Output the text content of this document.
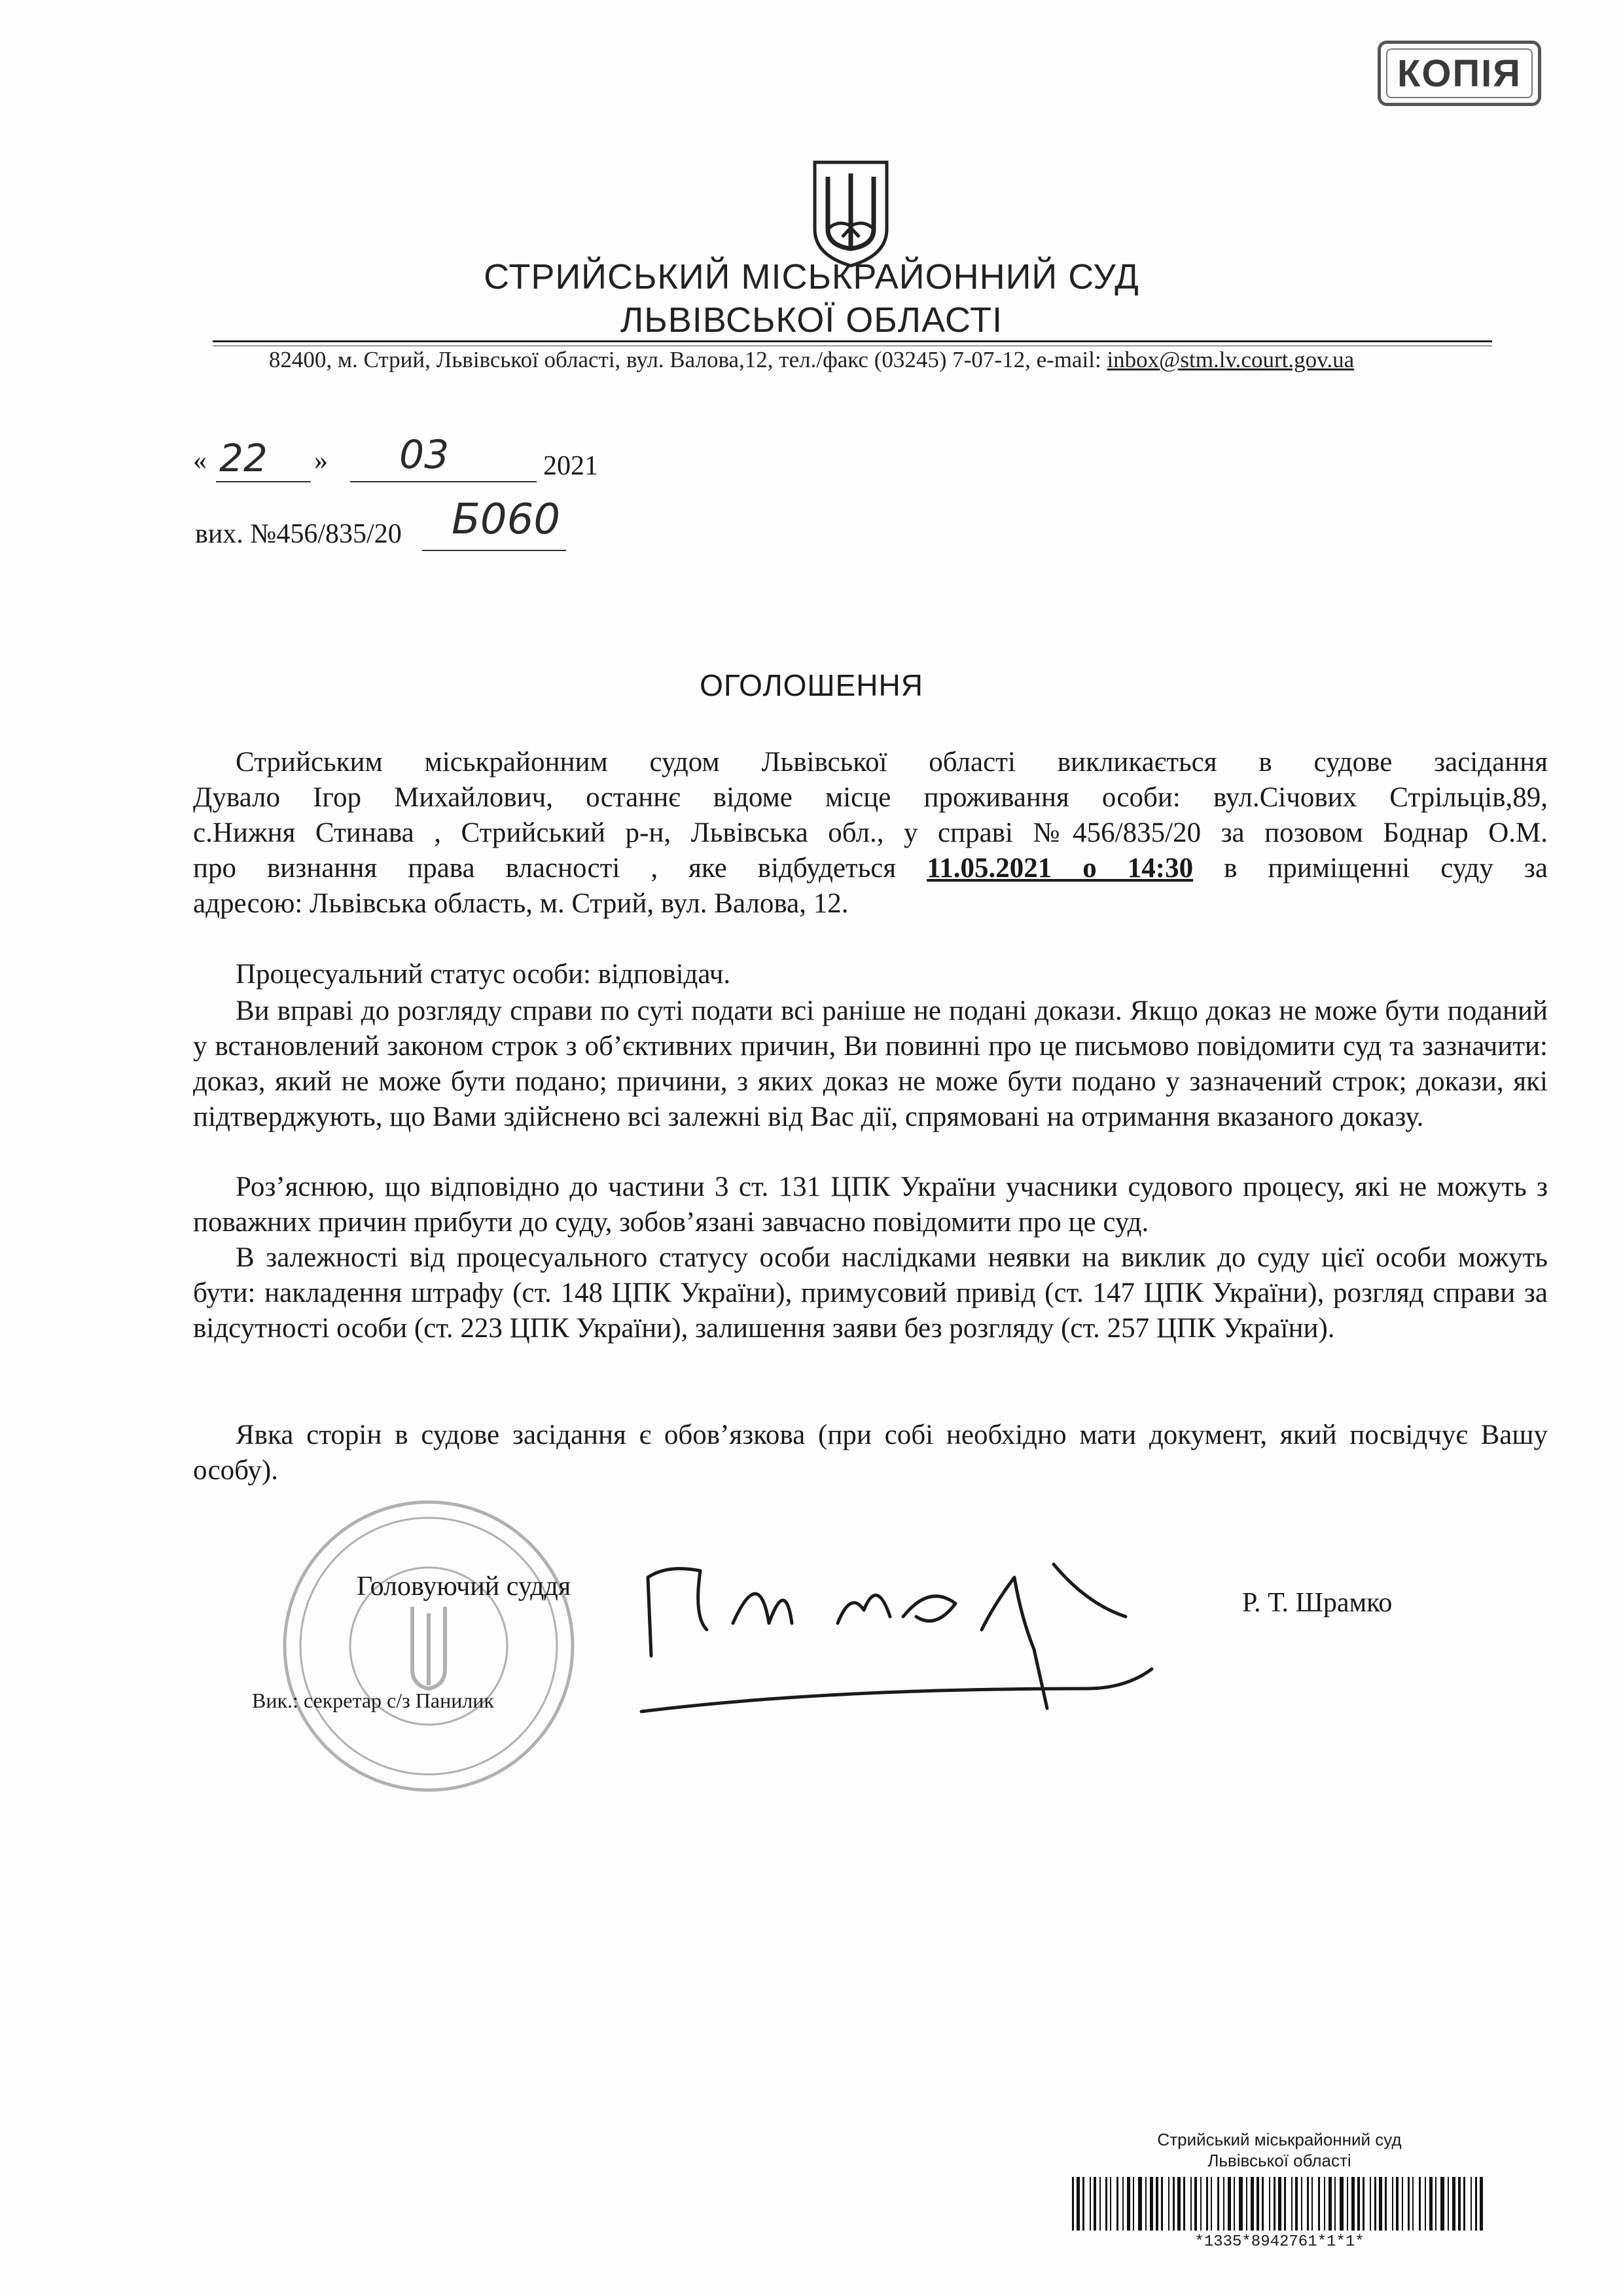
КОПІЯ
СТРИЙСЬКИЙ МІСЬКРАЙОННИЙ СУД
ЛЬВІВСЬКОЇ ОБЛАСТІ
82400, м. Стрий, Львівської області, вул. Валова,12, тел./факс (03245) 7-07-12, e-mail: inbox@stm.lv.court.gov.ua
« 22 » 03	2021
вих. №456/835/20 Б060
ОГОЛОШЕННЯ
Стрийським міськрайонним судом Львівської області викликається в судове засідання
Дувало Ігор Михайлович, останнє відоме місце проживання особи: вул.Січових Стрільців,89,
с.Нижня Стинава , Стрийський р-н, Львівська обл., у справі №456/835/20 за позовом Боднар О.М.
про визнання права власності , яке відбудеться 11.05.2021 о 14:30 в приміщенні суду за
адресою: Львівська область, м. Стрий, вул. Валова, 12.
Процесуальний статус особи: відповідач.
Ви вправі до розгляду справи по суті подати всі раніше не подані докази. Якщо доказ не може бути поданий у встановлений законом строк з об’єктивних причин, Ви повинні про це письмово повідомити суд та зазначити: доказ, який не може бути подано; причини, з яких доказ не може бути подано у зазначений строк; докази, які підтверджують, що Вами здійснено всі залежні від Вас дії, спрямовані на отримання вказаного доказу.
Роз’яснюю, що відповідно до частини 3 ст. 131 ЦПК України учасники судового процесу, які не можуть з поважних причин прибути до суду, зобов’язані завчасно повідомити про це суд.
В залежності від процесуального статусу особи наслідками неявки на виклик до суду цієї особи можуть бути: накладення штрафу (ст. 148 ЦПК України), примусовий привід (ст. 147 ЦПК України), розгляд справи за відсутності особи (ст. 223 ЦПК України), залишення заяви без розгляду (ст. 257 ЦПК України).
Явка сторін в судове засідання є обов’язкова (при собі необхідно мати документ, який посвідчує Вашу особу).
Головуючий суддя
Р. Т. Шрамко
Вик.: секретар с/з Панилик
Стрийський міськрайонний суд
Львівської області
*1335*8942761*1*1*
